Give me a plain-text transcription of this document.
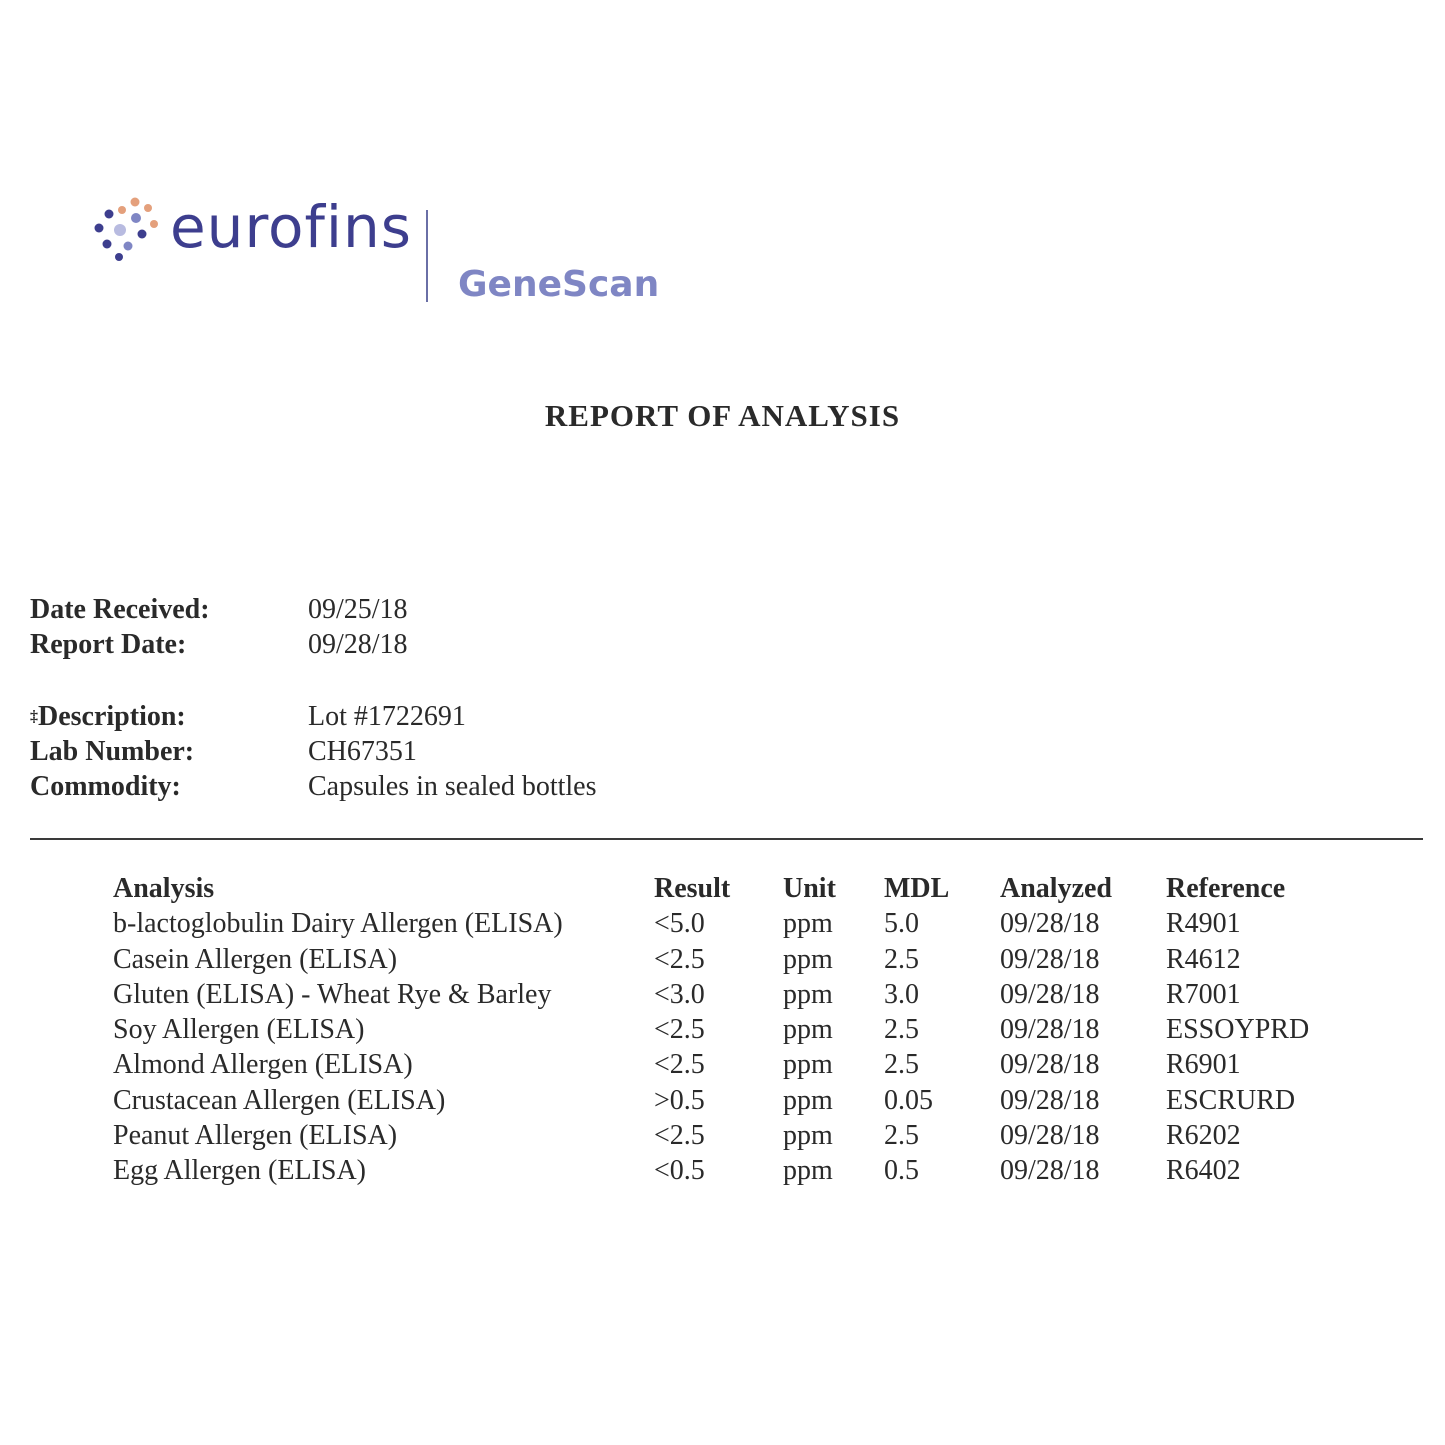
eurofins
GeneScan
REPORT OF ANALYSIS
Date Received:	09/25/18
Report Date:	09/28/18
‡Description:	Lot #1722691
Lab Number:	CH67351
Commodity:	Capsules in sealed bottles
Analysis	Result Unit MDL Analyzed Reference
b-lactoglobulin Dairy Allergen (ELISA)	<5.0	ppm 5.0	09/28/18 R4901
Casein Allergen (ELISA)	<2.5	ppm 2.5	09/28/18 R4612
Gluten (ELISA) - Wheat Rye & Barley	<3.0	ppm 3.0	09/28/18 R7001
Soy Allergen (ELISA)	<2.5	ppm 2.5	09/28/18 ESSOYPRD
Almond Allergen (ELISA)	<2.5	ppm 2.5	09/28/18 R6901
Crustacean Allergen (ELISA)	>0.5	ppm 0.05 09/28/18 ESCRURD
Peanut Allergen (ELISA)	<2.5	ppm 2.5	09/28/18 R6202
Egg Allergen (ELISA)	<0.5	ppm 0.5	09/28/18 R6402
